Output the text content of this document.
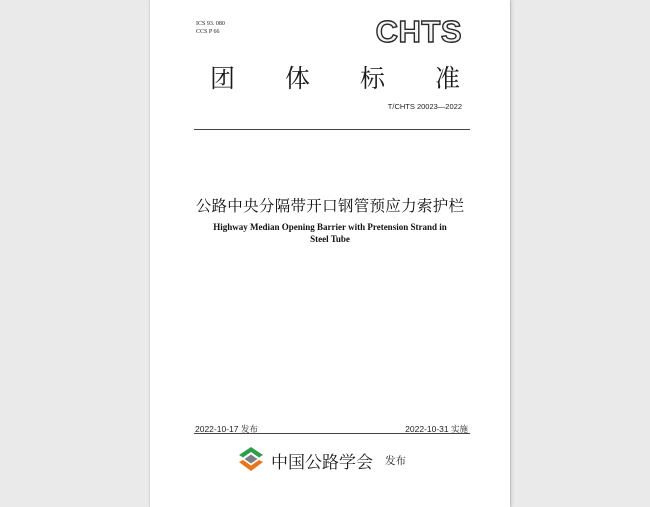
ICS 93. 080
CCS P 66	CHTS
团 体 标 准
T/CHTS 20023—2022
公路中央分隔带开口钢管预应力索护栏
Highway Median Opening Barrier with Pretension Strand in
Steel Tube
2022-10-17 发布	2022-10-31 实施
中国公路学会 发布
